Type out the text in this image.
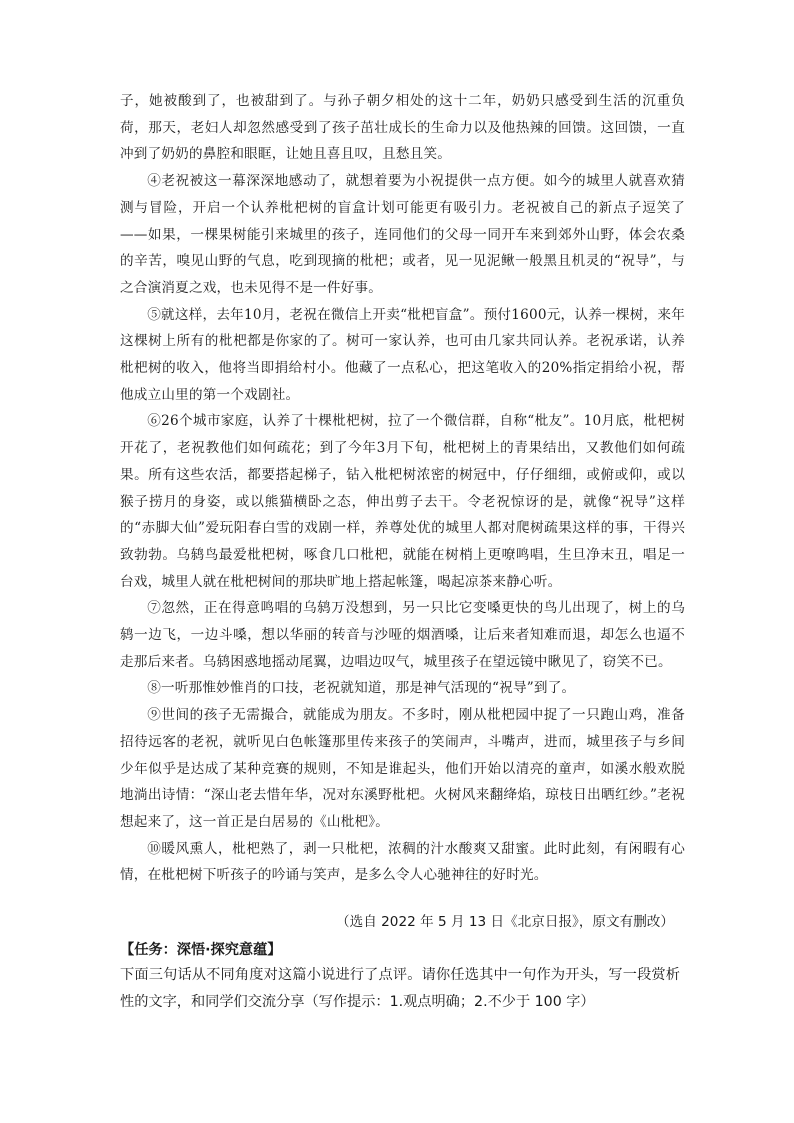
子，她被酸到了，也被甜到了。与孙子朝夕相处的这十二年，奶奶只感受到生活的沉重负荷，那天，老妇人却忽然感受到了孩子茁壮成长的生命力以及他热辣的回馈。这回馈，一直冲到了奶奶的鼻腔和眼眶，让她且喜且叹，且愁且笑。

④老祝被这一幕深深地感动了，就想着要为小祝提供一点方便。如今的城里人就喜欢猜测与冒险，开启一个认养枇杷树的盲盒计划可能更有吸引力。老祝被自己的新点子逗笑了——如果，一棵果树能引来城里的孩子，连同他们的父母一同开车来到郊外山野，体会农桑的辛苦，嗅见山野的气息，吃到现摘的枇杷；或者，见一见泥鳅一般黑且机灵的“祝导”，与之合演消夏之戏，也未见得不是一件好事。

⑤就这样，去年10月，老祝在微信上开卖“枇杷盲盒”。预付1600元，认养一棵树，来年这棵树上所有的枇杷都是你家的了。树可一家认养，也可由几家共同认养。老祝承诺，认养枇杷树的收入，他将当即捐给村小。他藏了一点私心，把这笔收入的20%指定捐给小祝，帮他成立山里的第一个戏剧社。

⑥26个城市家庭，认养了十棵枇杷树，拉了一个微信群，自称“枇友”。10月底，枇杷树开花了，老祝教他们如何疏花；到了今年3月下旬，枇杷树上的青果结出，又教他们如何疏果。所有这些农活，都要搭起梯子，钻入枇杷树浓密的树冠中，仔仔细细，或俯或仰，或以猴子捞月的身姿，或以熊猫横卧之态，伸出剪子去干。令老祝惊讶的是，就像“祝导”这样的“赤脚大仙”爱玩阳春白雪的戏剧一样，养尊处优的城里人都对爬树疏果这样的事，干得兴致勃勃。乌鸫鸟最爱枇杷树，啄食几口枇杷，就能在树梢上更嘹鸣唱，生旦净末丑，唱足一台戏，城里人就在枇杷树间的那块旷地上搭起帐篷，喝起凉茶来静心听。

⑦忽然，正在得意鸣唱的乌鸫万没想到，另一只比它变嗓更快的鸟儿出现了，树上的乌鸫一边飞，一边斗嗓，想以华丽的转音与沙哑的烟酒嗓，让后来者知难而退，却怎么也逼不走那后来者。乌鸫困惑地摇动尾翼，边唱边叹气，城里孩子在望远镜中瞅见了，窃笑不已。

⑧一听那惟妙惟肖的口技，老祝就知道，那是神气活现的“祝导”到了。

⑨世间的孩子无需撮合，就能成为朋友。不多时，刚从枇杷园中捉了一只跑山鸡，准备招待远客的老祝，就听见白色帐篷那里传来孩子的笑闹声，斗嘴声，进而，城里孩子与乡间少年似乎是达成了某种竞赛的规则，不知是谁起头，他们开始以清亮的童声，如溪水般欢脱地淌出诗情：“深山老去惜年华，况对东溪野枇杷。火树风来翻绛焰，琼枝日出晒红纱。”老祝想起来了，这一首正是白居易的《山枇杷》。

⑩暖风熏人，枇杷熟了，剥一只枇杷，浓稠的汁水酸爽又甜蜜。此时此刻，有闲暇有心情，在枇杷树下听孩子的吟诵与笑声，是多么令人心驰神往的好时光。

（选自 2022 年 5 月 13 日《北京日报》，原文有删改）
【任务：深悟·探究意蕴】

下面三句话从不同角度对这篇小说进行了点评。请你任选其中一句作为开头，写一段赏析性的文字，和同学们交流分享（写作提示：1.观点明确；2.不少于 100 字）
